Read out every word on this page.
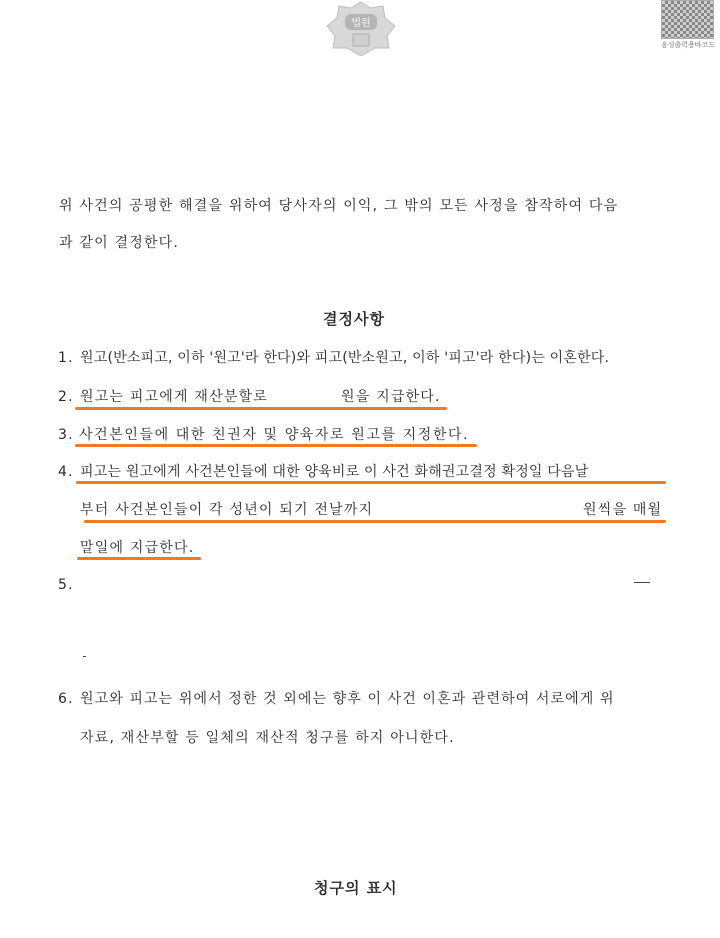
법원
음성출력용바코드
위 사건의 공평한 해결을 위하여 당사자의 이익, 그 밖의 모든 사정을 참작하여 다음
과 같이 결정한다.
결정사항
1. 원고(반소피고, 이하 '원고'라 한다)와 피고(반소원고, 이하 '피고'라 한다)는 이혼한다.
2. 원고는 피고에게 재산분할로	원을 지급한다.
3. 사건본인들에 대한 친권자 및 양육자로 원고를 지정한다.
4. 피고는 원고에게 사건본인들에 대한 양육비로 이 사건 화해권고결정 확정일 다음날
부터 사건본인들이 각 성년이 되기 전날까지	원씩을 매월
말일에 지급한다.
5.
6. 원고와 피고는 위에서 정한 것 외에는 향후 이 사건 이혼과 관련하여 서로에게 위
자료, 재산부할 등 일체의 재산적 청구를 하지 아니한다.
청구의 표시
